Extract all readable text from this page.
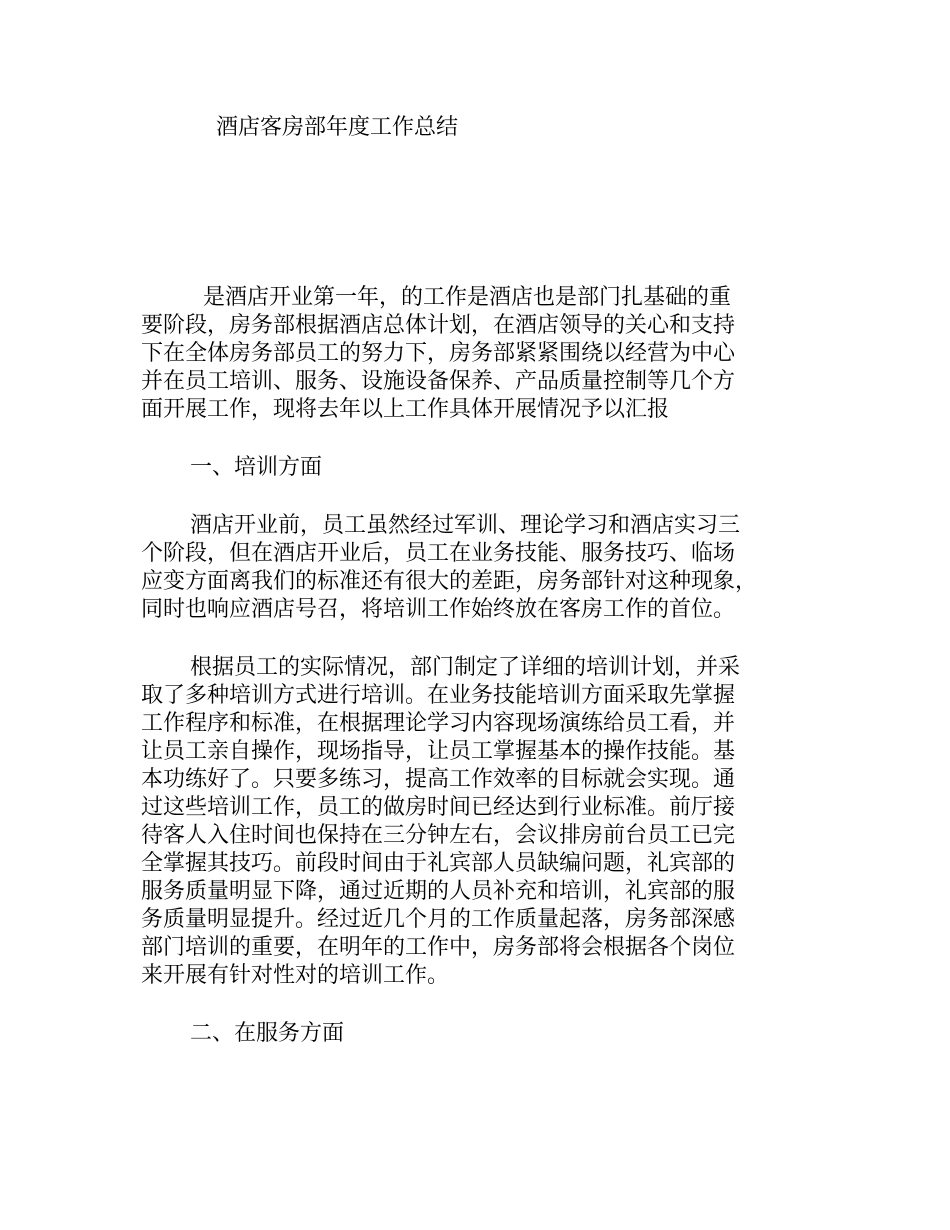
酒店客房部年度工作总结

是酒店开业第一年，的工作是酒店也是部门扎基础的重

要阶段，房务部根据酒店总体计划，在酒店领导的关心和支持

下在全体房务部员工的努力下，房务部紧紧围绕以经营为中心

并在员工培训、服务、设施设备保养、产品质量控制等几个方

面开展工作，现将去年以上工作具体开展情况予以汇报

一、培训方面

酒店开业前，员工虽然经过军训、理论学习和酒店实习三

个阶段，但在酒店开业后，员工在业务技能、服务技巧、临场

应变方面离我们的标准还有很大的差距，房务部针对这种现象，

同时也响应酒店号召，将培训工作始终放在客房工作的首位。

根据员工的实际情况，部门制定了详细的培训计划，并采

取了多种培训方式进行培训。在业务技能培训方面采取先掌握

工作程序和标准，在根据理论学习内容现场演练给员工看，并

让员工亲自操作，现场指导，让员工掌握基本的操作技能。基

本功练好了。只要多练习，提高工作效率的目标就会实现。通

过这些培训工作，员工的做房时间已经达到行业标准。前厅接

待客人入住时间也保持在三分钟左右，会议排房前台员工已完

全掌握其技巧。前段时间由于礼宾部人员缺编问题，礼宾部的

服务质量明显下降，通过近期的人员补充和培训，礼宾部的服

务质量明显提升。经过近几个月的工作质量起落，房务部深感

部门培训的重要，在明年的工作中，房务部将会根据各个岗位

来开展有针对性对的培训工作。

二、在服务方面
